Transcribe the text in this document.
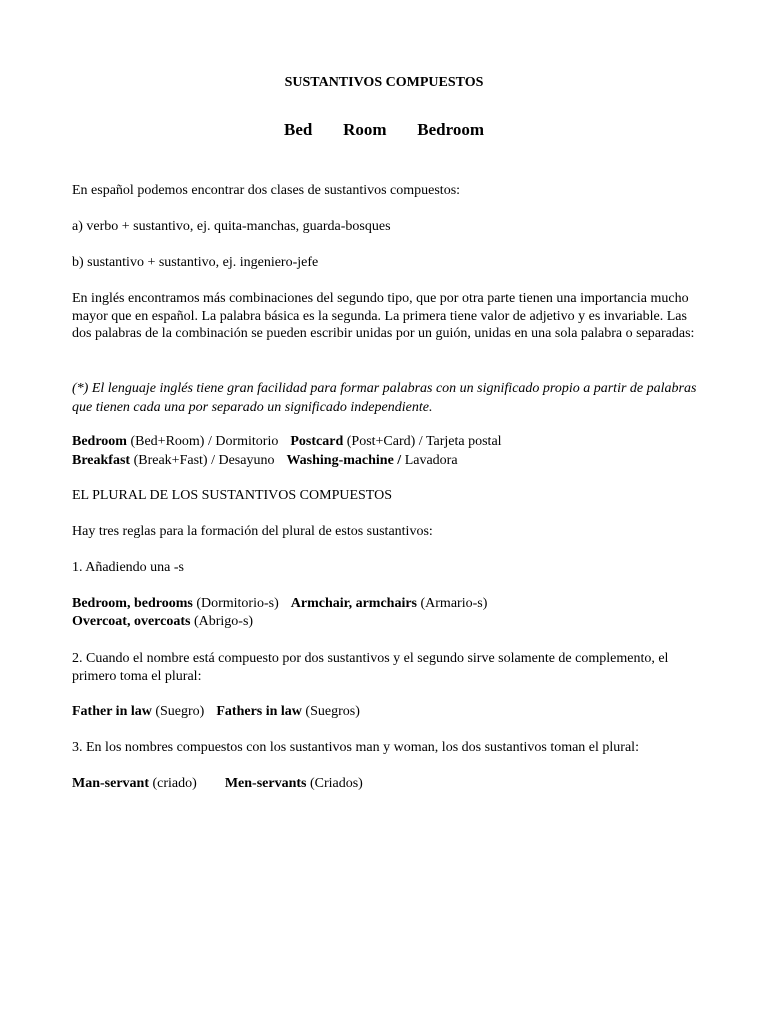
SUSTANTIVOS COMPUESTOS
Bed   Room   Bedroom
En español podemos encontrar dos clases de sustantivos compuestos:
a) verbo + sustantivo, ej. quita-manchas, guarda-bosques
b) sustantivo + sustantivo, ej. ingeniero-jefe
En inglés encontramos más combinaciones del segundo tipo, que por otra parte tienen una importancia mucho mayor que en español. La palabra básica es la segunda. La primera tiene valor de adjetivo y es invariable. Las dos palabras de la combinación se pueden escribir unidas por un guión, unidas en una sola palabra o separadas:
(*) El lenguaje inglés tiene gran facilidad para formar palabras con un significado propio a partir de palabras que tienen cada una por separado un significado independiente.
Bedroom (Bed+Room) / Dormitorio Postcard (Post+Card) / Tarjeta postal
Breakfast (Break+Fast) / Desayuno Washing-machine / Lavadora
EL PLURAL DE LOS SUSTANTIVOS COMPUESTOS
Hay tres reglas para la formación del plural de estos sustantivos:
1. Añadiendo una -s
Bedroom, bedrooms (Dormitorio-s) Armchair, armchairs (Armario-s)
Overcoat, overcoats (Abrigo-s)
2. Cuando el nombre está compuesto por dos sustantivos y el segundo sirve solamente de complemento, el primero toma el plural:
Father in law (Suegro) Fathers in law (Suegros)
3. En los nombres compuestos con los sustantivos man y woman, los dos sustantivos toman el plural:
Man-servant (criado) Men-servants (Criados)
